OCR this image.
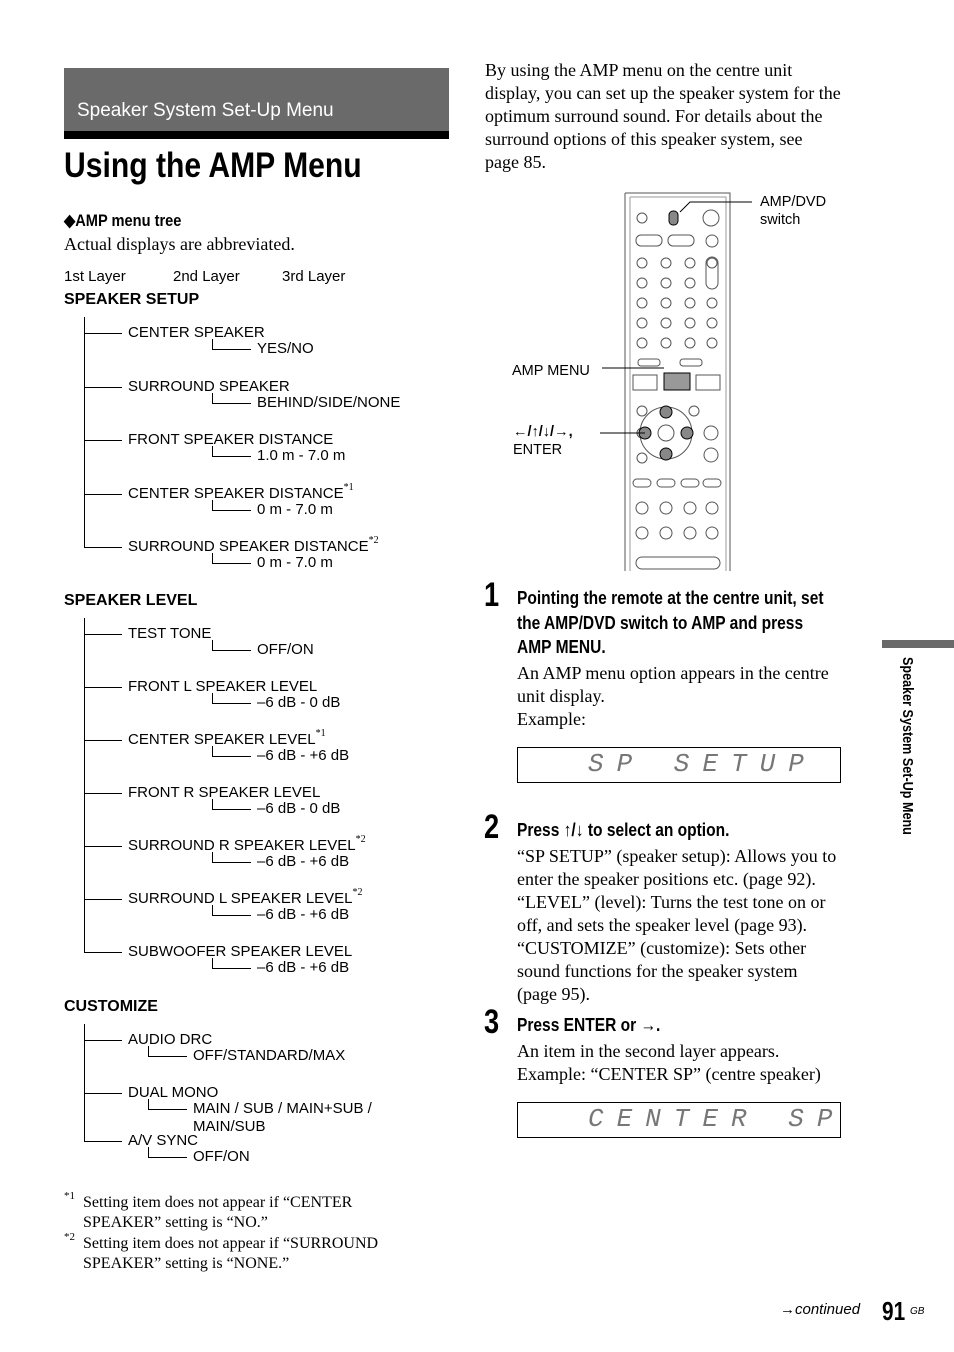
Speaker System Set-Up Menu
Using the AMP Menu
◆AMP menu tree
Actual displays are abbreviated.
1st Layer	2nd Layer	3rd Layer
SPEAKER SETUP
CENTER SPEAKER
YES/NO
SURROUND SPEAKER
BEHIND/SIDE/NONE
FRONT SPEAKER DISTANCE
1.0 m - 7.0 m
CENTER SPEAKER DISTANCE$^{*1}$
0 m - 7.0 m
SURROUND SPEAKER DISTANCE$^{*2}$
0 m - 7.0 m
SPEAKER LEVEL
TEST TONE
OFF/ON
FRONT L SPEAKER LEVEL
–6 dB - 0 dB
CENTER SPEAKER LEVEL$^{*1}$
–6 dB - +6 dB
FRONT R SPEAKER LEVEL
–6 dB - 0 dB
SURROUND R SPEAKER LEVEL$^{*2}$
–6 dB - +6 dB
SURROUND L SPEAKER LEVEL$^{*2}$
–6 dB - +6 dB
SUBWOOFER SPEAKER LEVEL
–6 dB - +6 dB
CUSTOMIZE
AUDIO DRC
OFF/STANDARD/MAX
DUAL MONO
MAIN / SUB / MAIN+SUB /
MAIN/SUB
A/V SYNC
OFF/ON
*1 Setting item does not appear if “CENTER
SPEAKER” setting is “NO.”
*2 Setting item does not appear if “SURROUND
SPEAKER” setting is “NONE.”
By using the AMP menu on the centre unit
display, you can set up the speaker system for the
optimum surround sound. For details about the
surround options of this speaker system, see
page 85.
AMP/DVD
switch
AMP MENU
←/↑/↓/→,
ENTER
1 Pointing the remote at the centre unit, set
the AMP/DVD switch to AMP and press
AMP MENU.
An AMP menu option appears in the centre
unit display.
Example:
SP SETUP
2 Press ↑/↓ to select an option.
“SP SETUP” (speaker setup): Allows you to
enter the speaker positions etc. (page 92).
“LEVEL” (level): Turns the test tone on or
off, and sets the speaker level (page 93).
“CUSTOMIZE” (customize): Sets other
sound functions for the speaker system
(page 95).
3 Press ENTER or →.
An item in the second layer appears.
Example: “CENTER SP” (centre speaker)
CENTER SP
Speaker System Set-Up Menu
→continued 91 GB
